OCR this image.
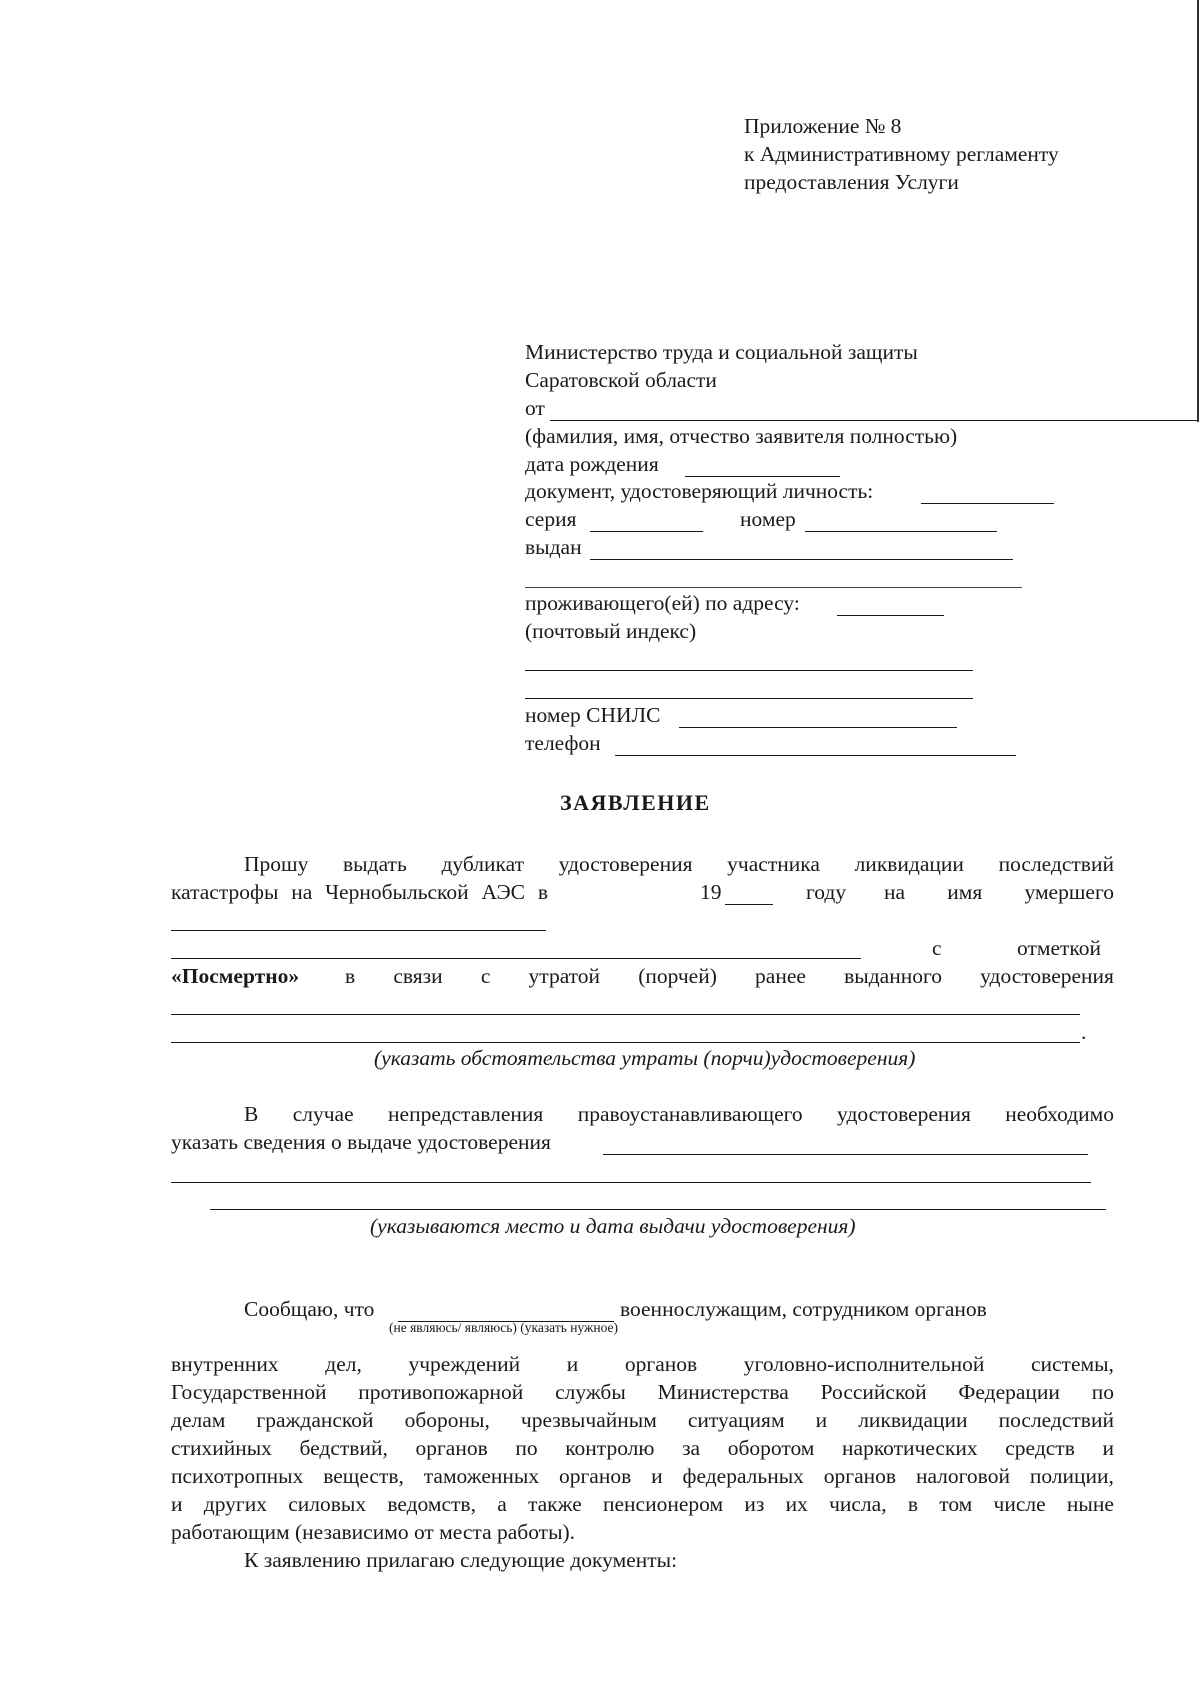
Приложение № 8
к Административному регламенту
предоставления Услуги
Министерство труда и социальной защиты
Саратовской области
от
(фамилия, имя, отчество заявителя полностью)
дата рождения
документ, удостоверяющий личность:
серия	номер
выдан
проживающего(ей) по адресу:
(почтовый индекс)
номер СНИЛС
телефон
ЗАЯВЛЕНИЕ
Прошу выдать дубликат удостоверения участника ликвидации последствий
катастрофы на Чернобыльской АЭС в	19	году на имя умершего
с	отметкой
«Посмертно» в связи с утратой (порчей) ранее выданного удостоверения
.
(указать обстоятельства утраты (порчи)удостоверения)
В случае непредставления правоустанавливающего удостоверения необходимо
указать сведения о выдаче удостоверения
(указываются место и дата выдачи удостоверения)
Сообщаю, что	военнослужащим, сотрудником органов
(не являюсь/ являюсь) (указать нужное)
внутренних дел, учреждений и органов уголовно-исполнительной системы,
Государственной противопожарной службы Министерства Российской Федерации по
делам гражданской обороны, чрезвычайным ситуациям и ликвидации последствий
стихийных бедствий, органов по контролю за оборотом наркотических средств и
психотропных веществ, таможенных органов и федеральных органов налоговой полиции,
и других силовых ведомств, а также пенсионером из их числа, в том числе ныне
работающим (независимо от места работы).
К заявлению прилагаю следующие документы:
